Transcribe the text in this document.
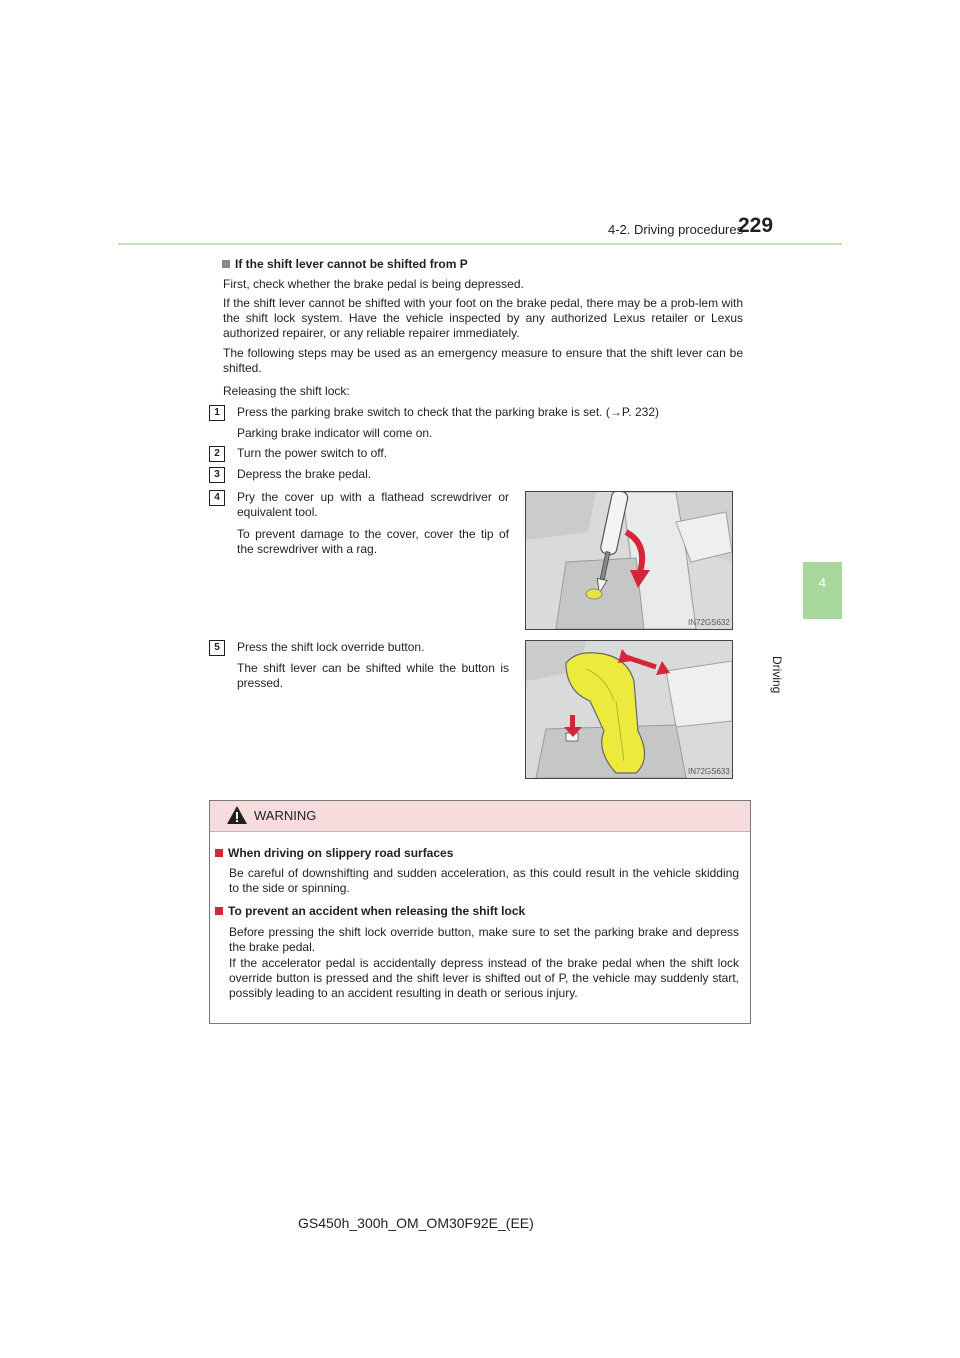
4-2. Driving procedures
229
4
Driving
If the shift lever cannot be shifted from P
First, check whether the brake pedal is being depressed.
If the shift lever cannot be shifted with your foot on the brake pedal, there may be a prob-lem with the shift lock system. Have the vehicle inspected by any authorized Lexus retailer or Lexus authorized repairer, or any reliable repairer immediately.
The following steps may be used as an emergency measure to ensure that the shift lever can be shifted.
Releasing the shift lock:
1	Press the parking brake switch to check that the parking brake is set. (→P. 232)
Parking brake indicator will come on.
2	Turn the power switch to off.
3	Depress the brake pedal.
4	Pry the cover up with a flathead screwdriver or equivalent tool.
To prevent damage to the cover, cover the tip of the screwdriver with a rag.
IN72GS632
5	Press the shift lock override button.
The shift lever can be shifted while the button is pressed.
IN72GS633
WARNING
When driving on slippery road surfaces
Be careful of downshifting and sudden acceleration, as this could result in the vehicle skidding to the side or spinning.
To prevent an accident when releasing the shift lock
Before pressing the shift lock override button, make sure to set the parking brake and depress the brake pedal.
If the accelerator pedal is accidentally depress instead of the brake pedal when the shift lock override button is pressed and the shift lever is shifted out of P, the vehicle may suddenly start, possibly leading to an accident resulting in death or serious injury.
GS450h_300h_OM_OM30F92E_(EE)
